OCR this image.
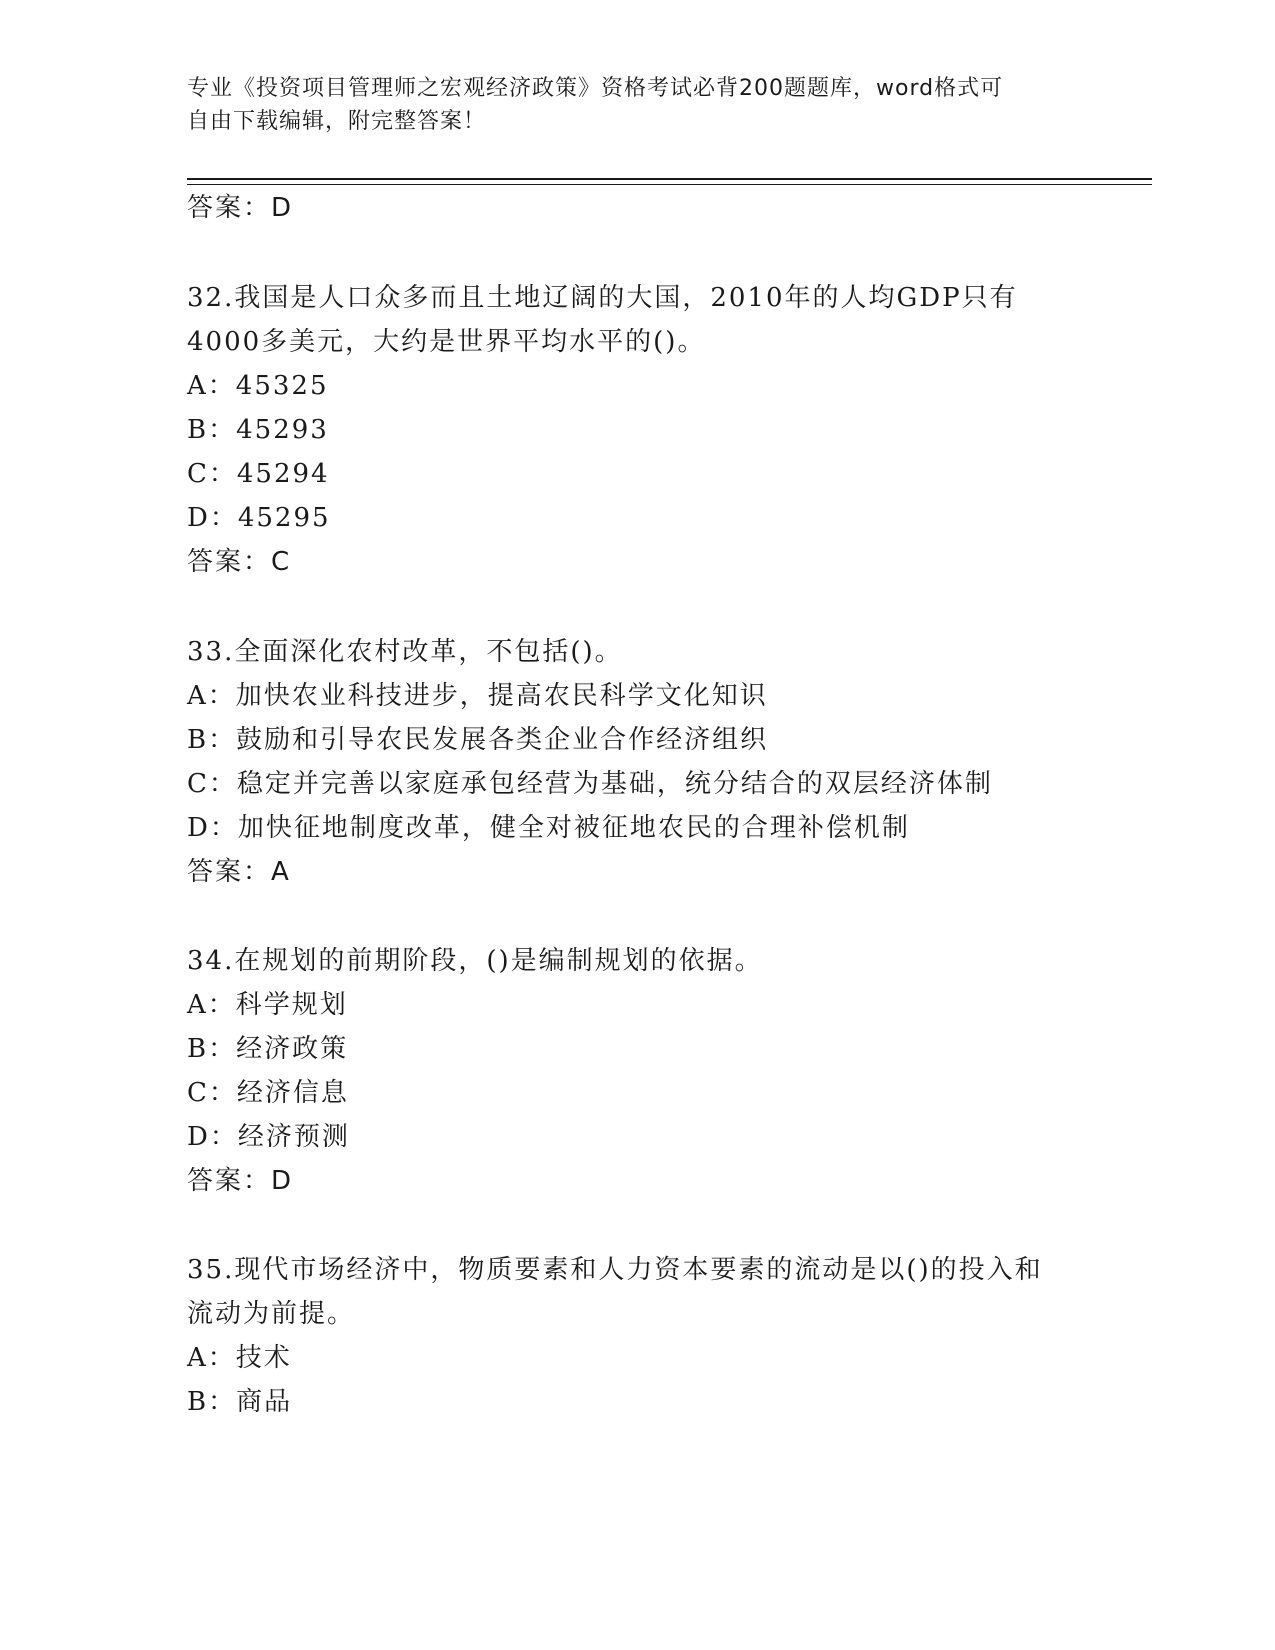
专业《投资项目管理师之宏观经济政策》资格考试必背200题题库，word格式可
自由下载编辑，附完整答案！
答案：D
32.我国是人口众多而且土地辽阔的大国，2010年的人均GDP只有
4000多美元，大约是世界平均水平的()。
A：45325
B：45293
C：45294
D：45295
答案：C
33.全面深化农村改革，不包括()。
A：加快农业科技进步，提高农民科学文化知识
B：鼓励和引导农民发展各类企业合作经济组织
C：稳定并完善以家庭承包经营为基础，统分结合的双层经济体制
D：加快征地制度改革，健全对被征地农民的合理补偿机制
答案：A
34.在规划的前期阶段，()是编制规划的依据。
A：科学规划
B：经济政策
C：经济信息
D：经济预测
答案：D
35.现代市场经济中，物质要素和人力资本要素的流动是以()的投入和
流动为前提。
A：技术
B：商品
